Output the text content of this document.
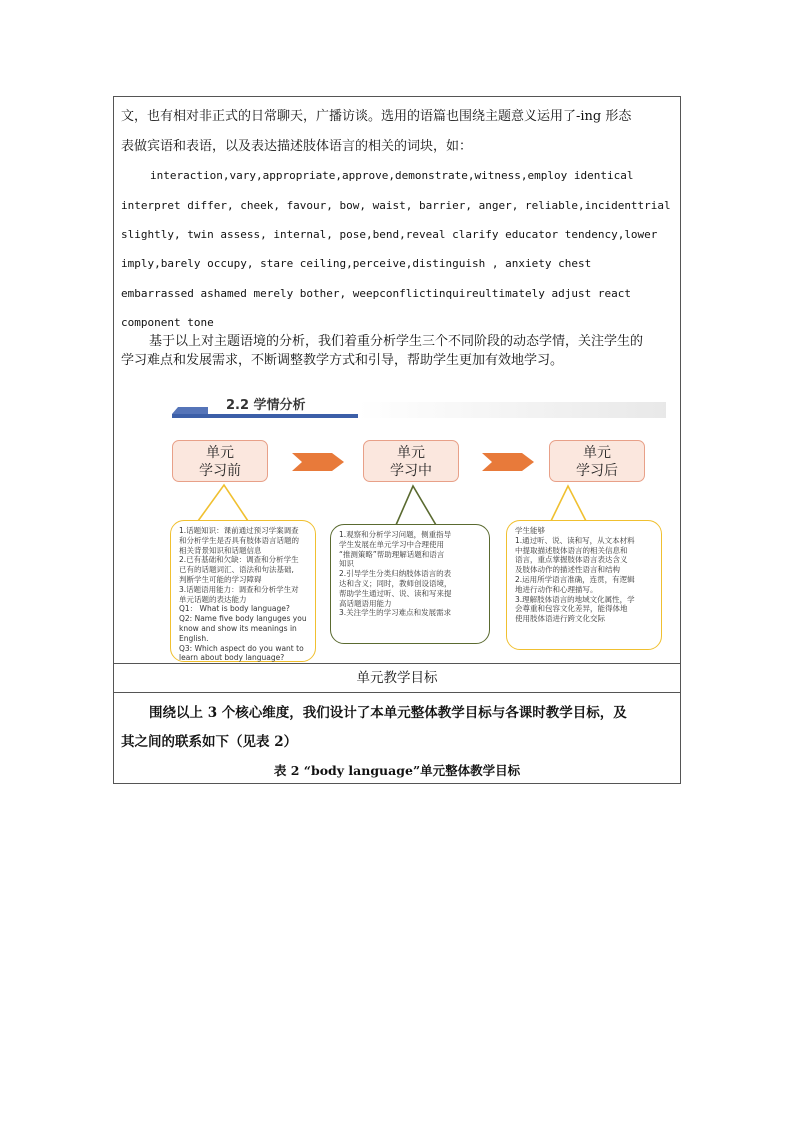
文，也有相对非正式的日常聊天，广播访谈。选用的语篇也围绕主题意义运用了-ing 形态
表做宾语和表语，以及表达描述肢体语言的相关的词块，如：
interaction,vary,appropriate,approve,demonstrate,witness,employ identical
interpret differ, cheek, favour, bow, waist, barrier, anger, reliable,incidenttrial
slightly, twin assess, internal, pose,bend,reveal clarify educator tendency,lower
imply,barely occupy, stare ceiling,perceive,distinguish , anxiety chest
embarrassed ashamed merely bother, weepconflictinquireultimately adjust react
component tone
基于以上对主题语境的分析，我们着重分析学生三个不同阶段的动态学情，关注学生的
学习难点和发展需求，不断调整教学方式和引导，帮助学生更加有效地学习。
2.2 学情分析
单元
学习前
单元
学习中
单元
学习后
1.话题知识：课前通过预习学案调查
和分析学生是否具有肢体语言话题的
相关背景知识和话题信息
2.已有基础和欠缺：调查和分析学生
已有的话题词汇、语法和句法基础,
判断学生可能的学习障碍
3.话题语用能力：调查和分析学生对
单元话题的表达能力
Q1： What is body language?
Q2: Name five body languges you
know and show its meanings in
English.
Q3: Which aspect do you want to
learn about body language?
1.观察和分析学习问题，侧重指导
学生发展在单元学习中合理使用
“推测策略”帮助理解话题和语言
知识
2.引导学生分类归纳肢体语言的表
达和含义；同时，教师创设语境，
帮助学生通过听、说、读和写来提
高话题语用能力
3.关注学生的学习难点和发展需求
学生能够
1.通过听、说、读和写，从文本材料
中提取描述肢体语言的相关信息和
语言，重点掌握肢体语言表达含义
及肢体动作的描述性语言和结构
2.运用所学语言准确，连贯，有逻辑
地进行动作和心理描写。
3.理解肢体语言的地域文化属性，学
会尊重和包容文化差异，能得体地
使用肢体语进行跨文化交际
单元教学目标
围绕以上 3 个核心维度，我们设计了本单元整体教学目标与各课时教学目标，及
其之间的联系如下（见表 2）
表 2 “body language”单元整体教学目标
